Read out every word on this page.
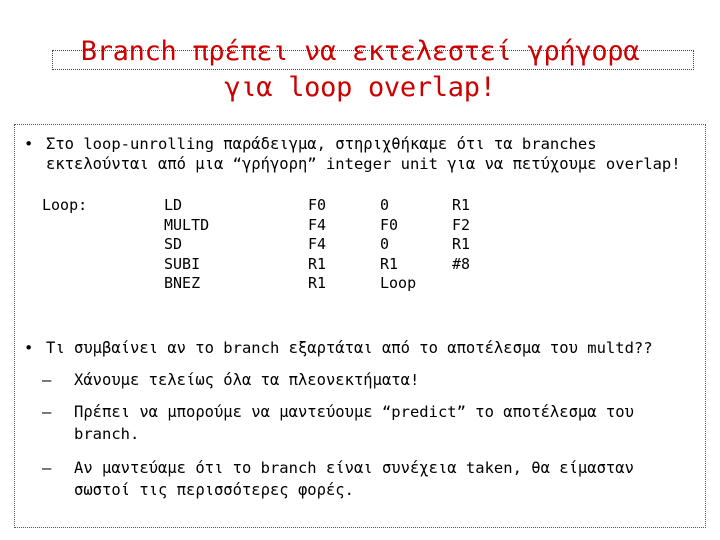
Branch πρέπει να εκτελεστεί γρήγορα
για loop overlap!
• Στο loop-unrolling παράδειγμα, στηριχθήκαμε ότι τα branches
εκτελούνται από μια “γρήγορη” integer unit για να πετύχουμε overlap!
Loop:	LD
MULTD
SD
SUBI
BNEZ
F0
F4
F4
R1
R1
0
F0
0
R1
Loop
R1
F2
R1
#8
• Τι συμβαίνει αν το branch εξαρτάται από το αποτέλεσμα του multd??

–

Χάνουμε τελείως όλα τα πλεονεκτήματα!

–

Πρέπει να μπορούμε να μαντεύουμε “predict” το αποτέλεσμα του

branch.

–

Αν μαντεύαμε ότι το branch είναι συνέχεια taken, θα είμασταν

σωστοί τις περισσότερες φορές.
